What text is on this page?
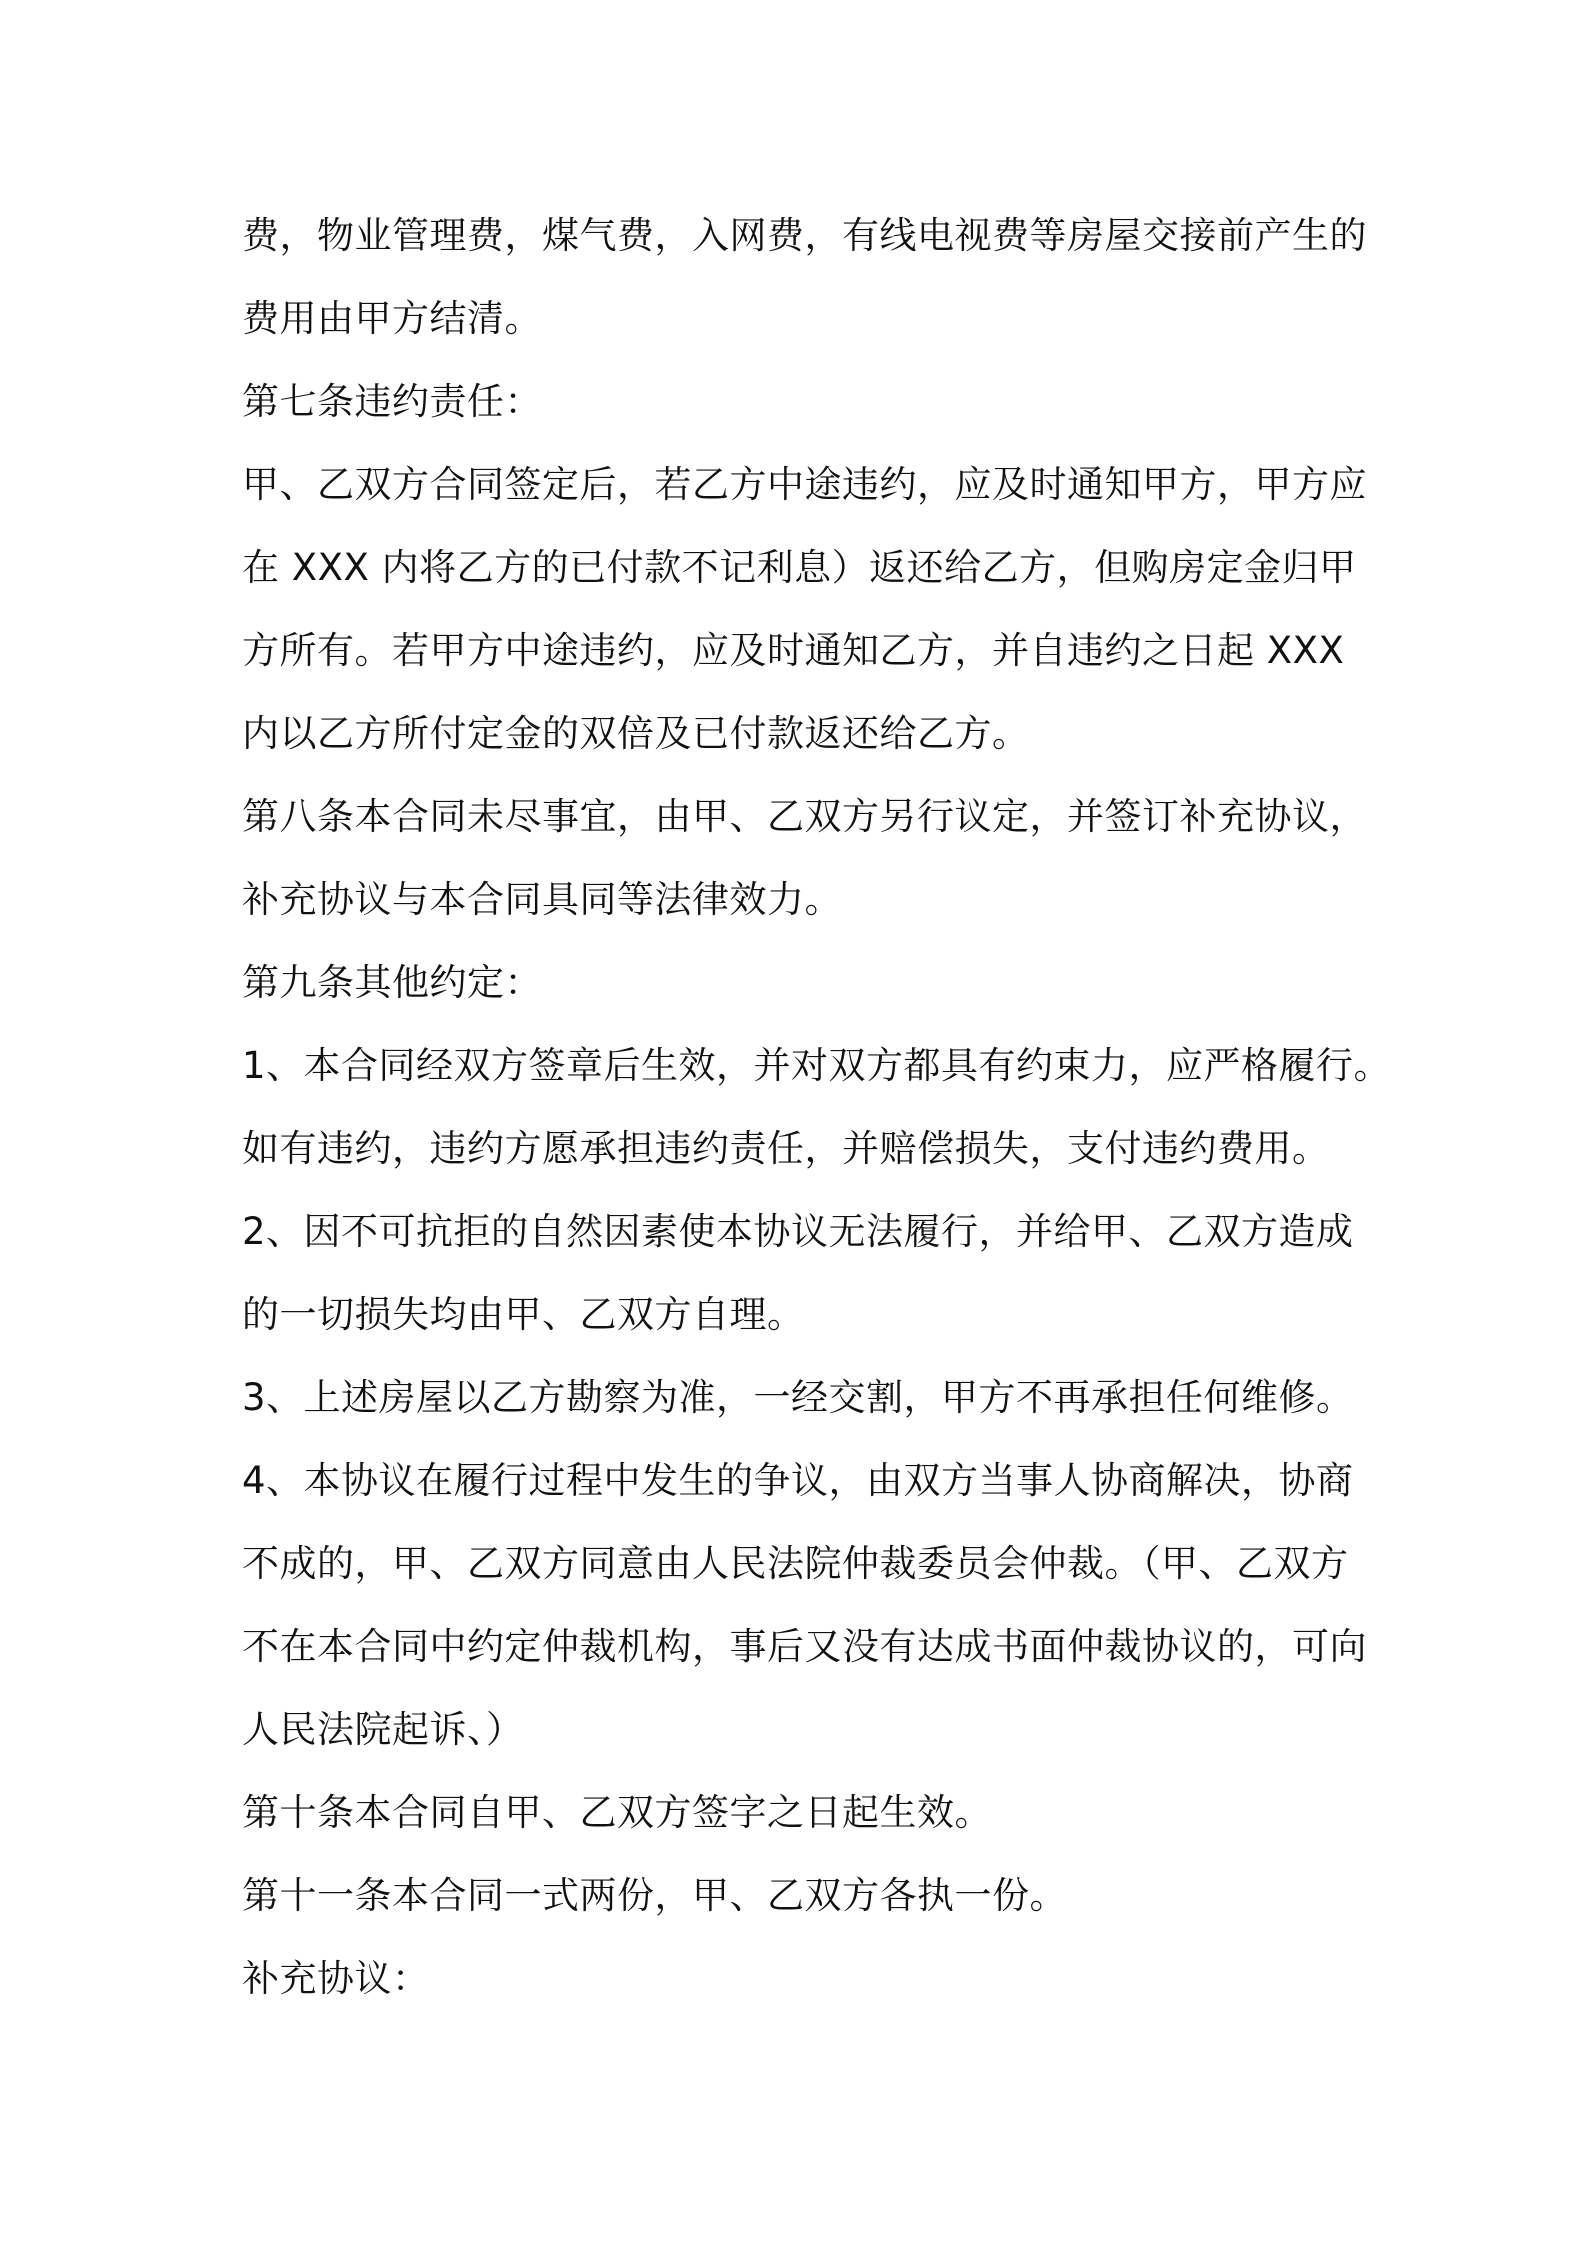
费，物业管理费，煤气费，入网费，有线电视费等房屋交接前产生的

费用由甲方结清。

第七条违约责任：

甲、乙双方合同签定后，若乙方中途违约，应及时通知甲方，甲方应

在 XXX 内将乙方的已付款不记利息）返还给乙方，但购房定金归甲

方所有。若甲方中途违约，应及时通知乙方，并自违约之日起 XXX

内以乙方所付定金的双倍及已付款返还给乙方。

第八条本合同未尽事宜，由甲、乙双方另行议定，并签订补充协议，

补充协议与本合同具同等法律效力。

第九条其他约定：

1、本合同经双方签章后生效，并对双方都具有约束力，应严格履行。

如有违约，违约方愿承担违约责任，并赔偿损失，支付违约费用。

2、因不可抗拒的自然因素使本协议无法履行，并给甲、乙双方造成

的一切损失均由甲、乙双方自理。

3、上述房屋以乙方勘察为准，一经交割，甲方不再承担任何维修。

4、本协议在履行过程中发生的争议，由双方当事人协商解决，协商

不成的，甲、乙双方同意由人民法院仲裁委员会仲裁。（甲、乙双方

不在本合同中约定仲裁机构，事后又没有达成书面仲裁协议的，可向

人民法院起诉、）

第十条本合同自甲、乙双方签字之日起生效。

第十一条本合同一式两份，甲、乙双方各执一份。

补充协议：
